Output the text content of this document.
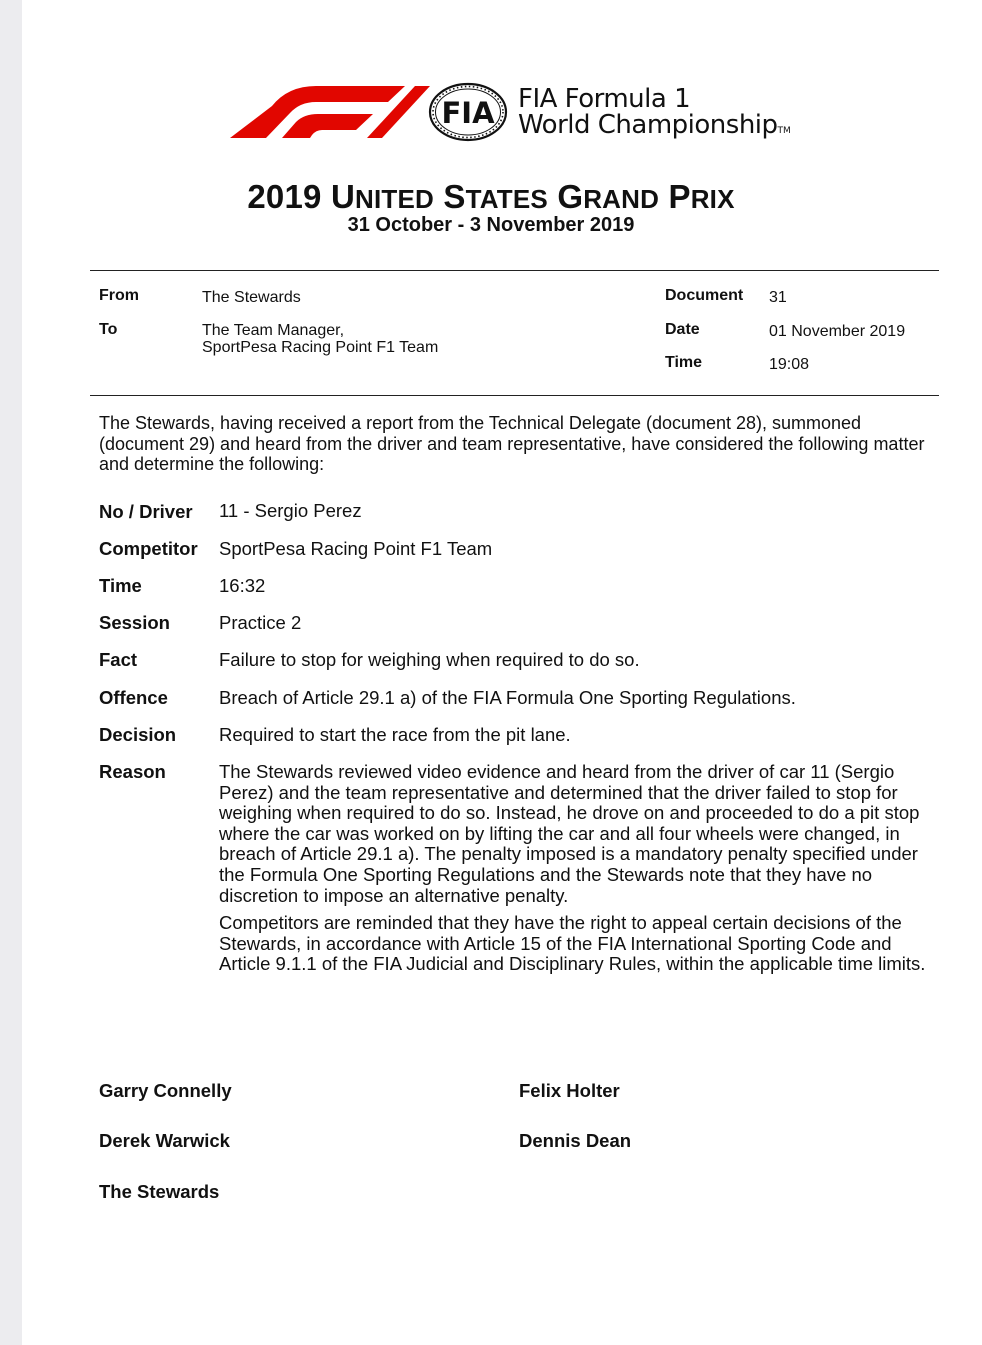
FIA FIA Formula 1
World ChampionshipTM
2019 UNITED STATES GRAND PRIX
31 October - 3 November 2019
From	The Stewards
To	The Team Manager,
SportPesa Racing Point F1 Team
Document 31
Date	01 November 2019
Time	19:08
The Stewards, having received a report from the Technical Delegate (document 28), summoned (document 29) and heard from the driver and team representative, have considered the following matter and determine the following:
No / Driver 11 - Sergio Perez
Competitor SportPesa Racing Point F1 Team
Time	16:32
Session	Practice 2
Fact	Failure to stop for weighing when required to do so.
Offence	Breach of Article 29.1 a) of the FIA Formula One Sporting Regulations.
Decision Required to start the race from the pit lane.
Reason	The Stewards reviewed video evidence and heard from the driver of car 11 (Sergio Perez) and the team representative and determined that the driver failed to stop for weighing when required to do so. Instead, he drove on and proceeded to do a pit stop where the car was worked on by lifting the car and all four wheels were changed, in breach of Article 29.1 a). The penalty imposed is a mandatory penalty specified under the Formula One Sporting Regulations and the Stewards note that they have no discretion to impose an alternative penalty.
Competitors are reminded that they have the right to appeal certain decisions of the Stewards, in accordance with Article 15 of the FIA International Sporting Code and Article 9.1.1 of the FIA Judicial and Disciplinary Rules, within the applicable time limits.
Garry Connelly	Felix Holter
Derek Warwick	Dennis Dean
The Stewards
